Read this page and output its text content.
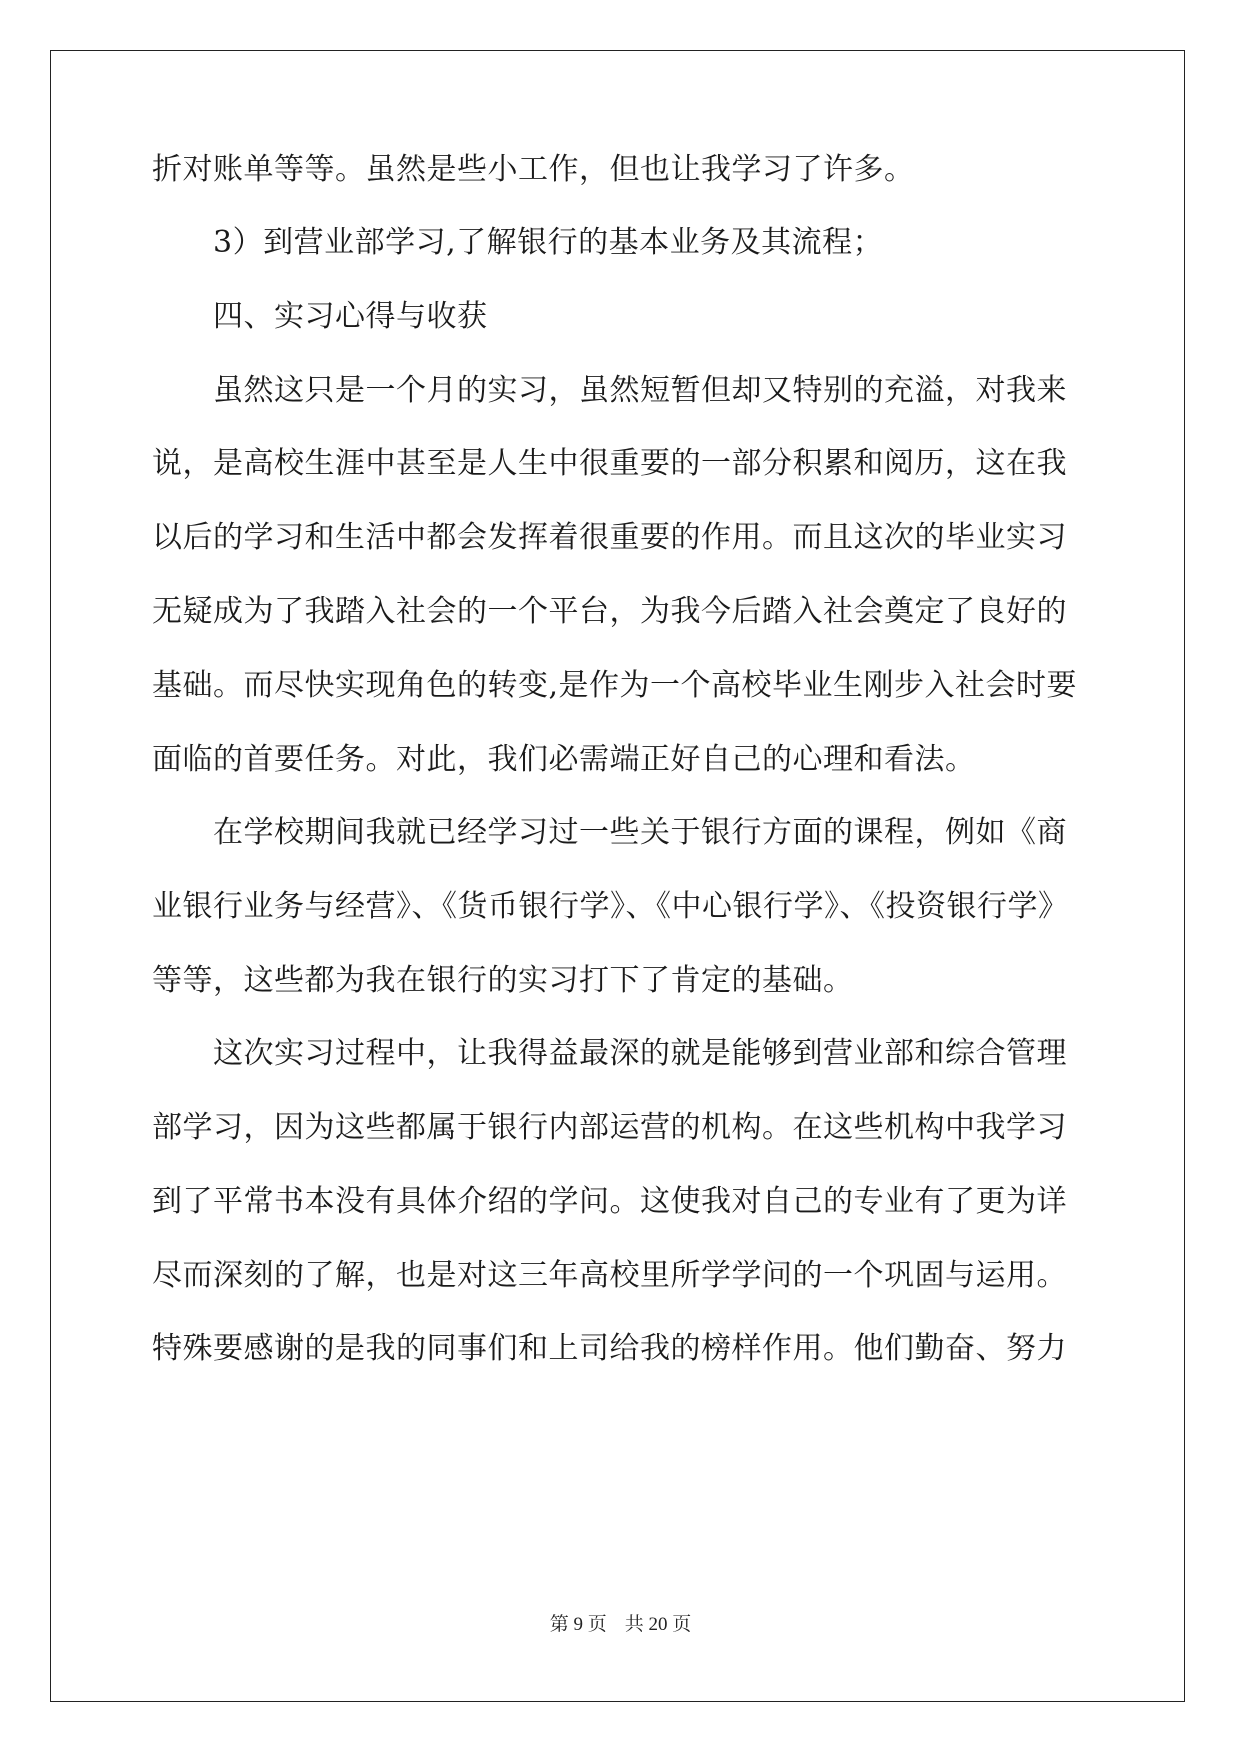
折对账单等等。虽然是些小工作，但也让我学习了许多。
3）到营业部学习,了解银行的基本业务及其流程；
四、实习心得与收获
虽然这只是一个月的实习，虽然短暂但却又特别的充溢，对我来
说，是高校生涯中甚至是人生中很重要的一部分积累和阅历，这在我
以后的学习和生活中都会发挥着很重要的作用。而且这次的毕业实习
无疑成为了我踏入社会的一个平台，为我今后踏入社会奠定了良好的
基础。而尽快实现角色的转变,是作为一个高校毕业生刚步入社会时要
面临的首要任务。对此，我们必需端正好自己的心理和看法。
在学校期间我就已经学习过一些关于银行方面的课程，例如《商
业银行业务与经营》、《货币银行学》、《中心银行学》、《投资银行学》
等等，这些都为我在银行的实习打下了肯定的基础。
这次实习过程中，让我得益最深的就是能够到营业部和综合管理
部学习，因为这些都属于银行内部运营的机构。在这些机构中我学习
到了平常书本没有具体介绍的学问。这使我对自己的专业有了更为详
尽而深刻的了解，也是对这三年高校里所学学问的一个巩固与运用。
特殊要感谢的是我的同事们和上司给我的榜样作用。他们勤奋、努力
第 9 页 共 20 页
